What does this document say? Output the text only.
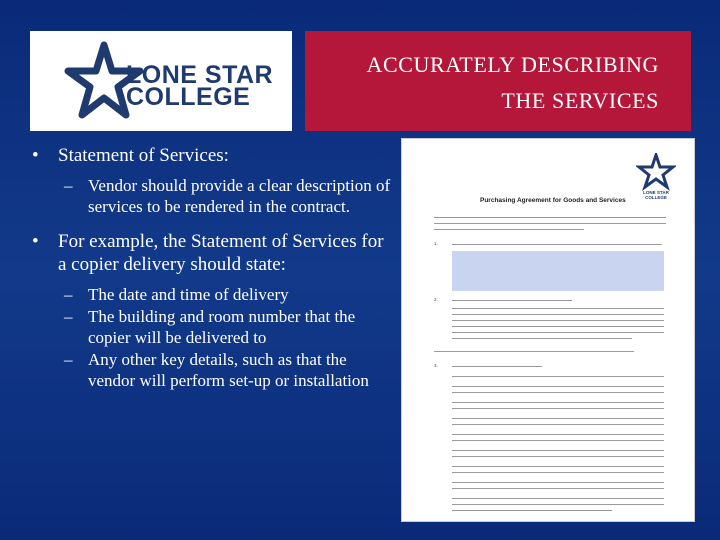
LONE STAR
COLLEGE
ACCURATELY DESCRIBING
THE SERVICES
• Statement of Services:
– Vendor should provide a clear description of services to be rendered in the contract.
• For example, the Statement of Services for a copier delivery should state:
– The date and time of delivery
– The building and room number that the copier will be delivered to
– Any other key details, such as that the vendor will perform set-up or installation
LONE STAR
COLLEGE
Purchasing Agreement for Goods and Services
1.
2.
3.
